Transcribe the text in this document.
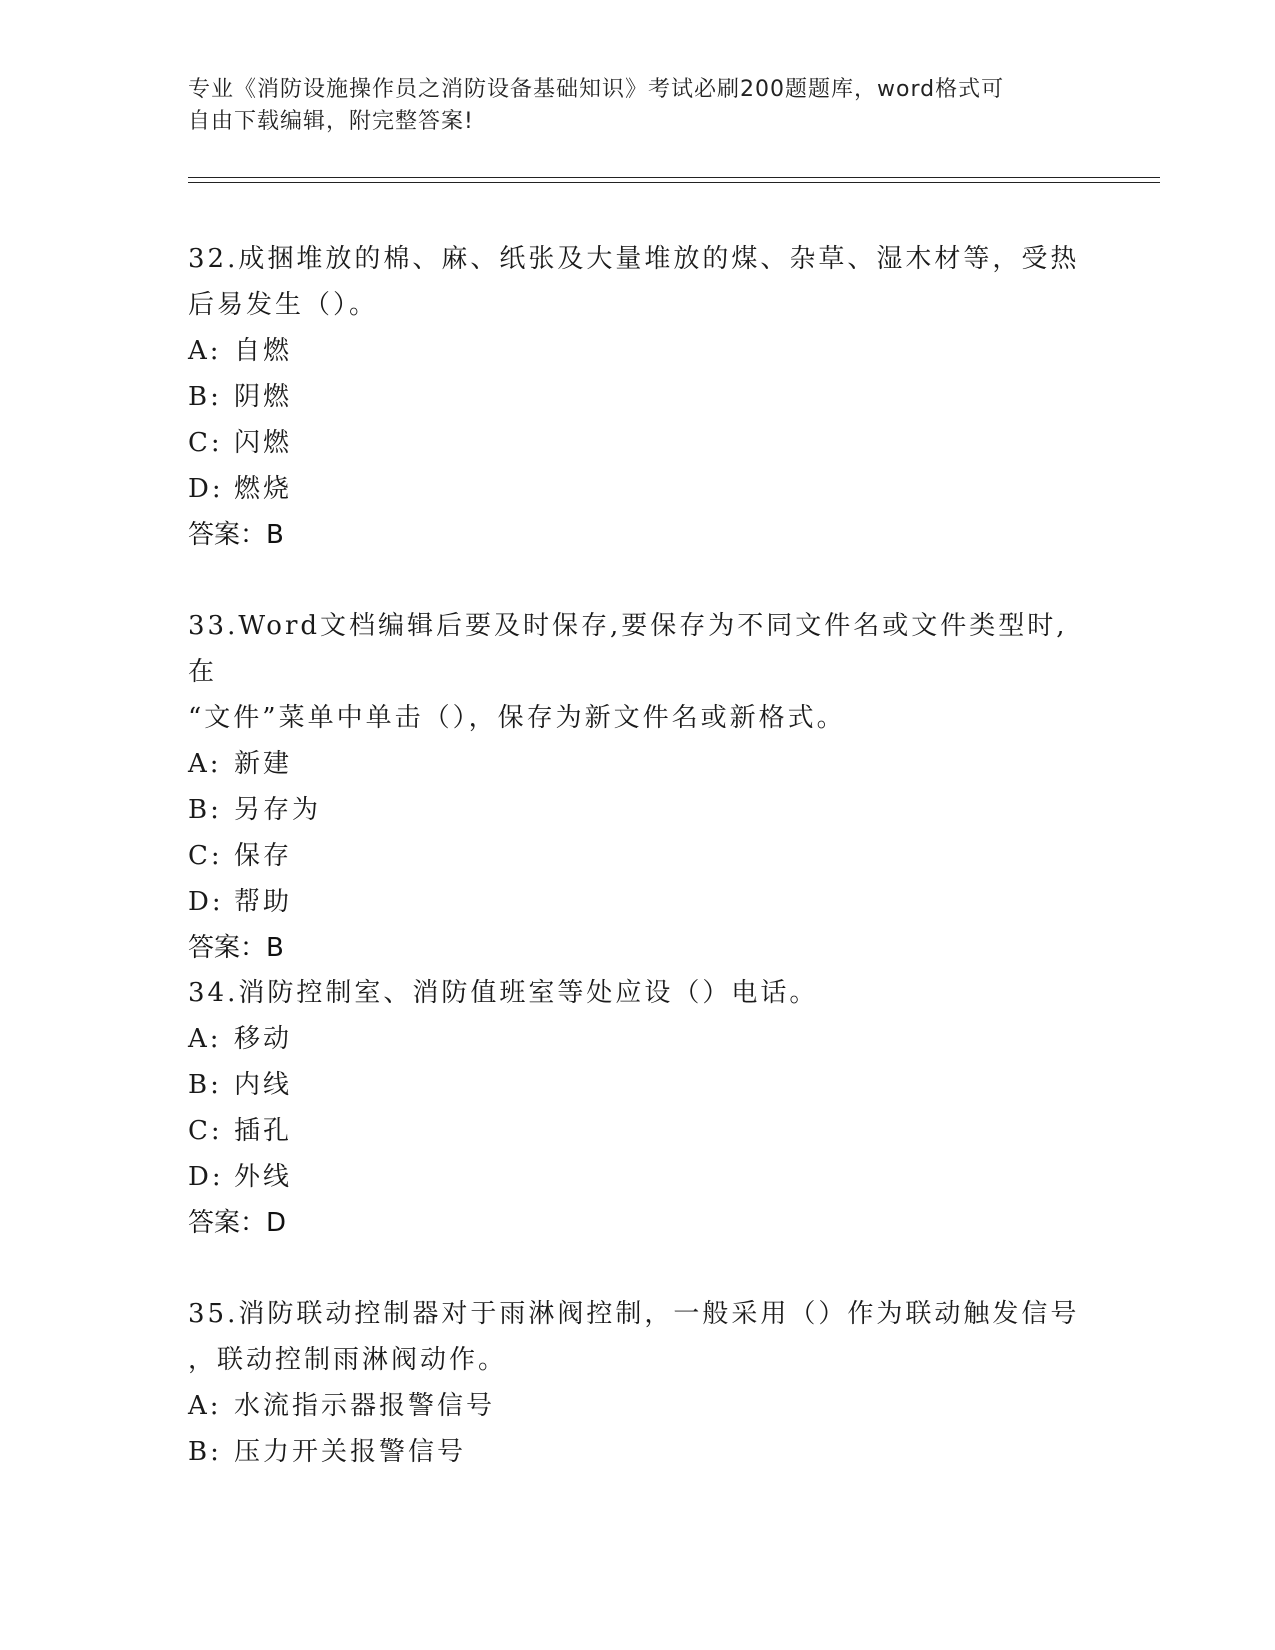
专业《消防设施操作员之消防设备基础知识》考试必刷200题题库，word格式可
自由下载编辑，附完整答案!

32.成捆堆放的棉、麻、纸张及大量堆放的煤、杂草、湿木材等，受热

后易发生（）。

A: 自燃

B: 阴燃

C: 闪燃

D: 燃烧

答案：B

33.Word文档编辑后要及时保存,要保存为不同文件名或文件类型时,在

“文件”菜单中单击（），保存为新文件名或新格式。

A: 新建

B: 另存为

C: 保存

D: 帮助

答案：B

34.消防控制室、消防值班室等处应设（）电话。

A: 移动

B: 内线

C: 插孔

D: 外线

答案：D

35.消防联动控制器对于雨淋阀控制，一般采用（）作为联动触发信号

，联动控制雨淋阀动作。

A: 水流指示器报警信号

B: 压力开关报警信号
